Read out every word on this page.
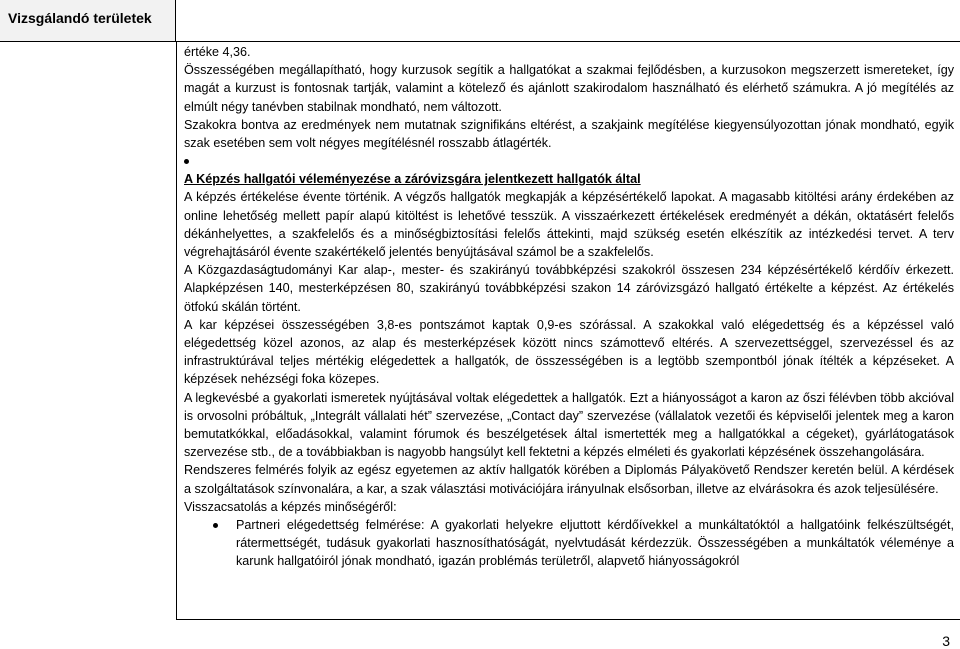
Vizsgálandó területek

értéke 4,36.

Összességében megállapítható, hogy kurzusok segítik a hallgatókat a szakmai fejlődésben, a kurzusokon megszerzett ismereteket, így magát a kurzust is fontosnak tartják, valamint a kötelező és ajánlott szakirodalom használható és elérhető számukra. A jó megítélés az elmúlt négy tanévben stabilnak mondható, nem változott.

Szakokra bontva az eredmények nem mutatnak szignifikáns eltérést, a szakjaink megítélése kiegyensúlyozottan jónak mondható, egyik szak esetében sem volt négyes megítélésnél rosszabb átlagérték.

A Képzés hallgatói véleményezése a záróvizsgára jelentkezett hallgatók által

A képzés értékelése évente történik. A végzős hallgatók megkapják a képzésértékelő lapokat. A magasabb kitöltési arány érdekében az online lehetőség mellett papír alapú kitöltést is lehetővé tesszük. A visszaérkezett értékelések eredményét a dékán, oktatásért felelős dékánhelyettes, a szakfelelős és a minőségbiztosítási felelős áttekinti, majd szükség esetén elkészítik az intézkedési tervet. A terv végrehajtásáról évente szakértékelő jelentés benyújtásával számol be a szakfelelős.

A Közgazdaságtudományi Kar alap-, mester- és szakirányú továbbképzési szakokról összesen 234 képzésértékelő kérdőív érkezett. Alapképzésen 140, mesterképzésen 80, szakirányú továbbképzési szakon 14 záróvizsgázó hallgató értékelte a képzést. Az értékelés ötfokú skálán történt.

A kar képzései összességében 3,8-es pontszámot kaptak 0,9-es szórással. A szakokkal való elégedettség és a képzéssel való elégedettség közel azonos, az alap és mesterképzések között nincs számottevő eltérés. A szervezettséggel, szervezéssel és az infrastruktúrával teljes mértékig elégedettek a hallgatók, de összességében is a legtöbb szempontból jónak ítélték a képzéseket. A képzések nehézségi foka közepes.

A legkevésbé a gyakorlati ismeretek nyújtásával voltak elégedettek a hallgatók. Ezt a hiányosságot a karon az őszi félévben több akcióval is orvosolni próbáltuk, „Integrált vállalati hét” szervezése, „Contact day” szervezése (vállalatok vezetői és képviselői jelentek meg a karon bemutatkókkal, előadásokkal, valamint fórumok és beszélgetések által ismertették meg a hallgatókkal a cégeket), gyárlátogatások szervezése stb., de a továbbiakban is nagyobb hangsúlyt kell fektetni a képzés elméleti és gyakorlati képzésének összehangolására.

Rendszeres felmérés folyik az egész egyetemen az aktív hallgatók körében a Diplomás Pályakövető Rendszer keretén belül. A kérdések a szolgáltatások színvonalára, a kar, a szak választási motivációjára irányulnak elsősorban, illetve az elvárásokra és azok teljesülésére.

Visszacsatolás a képzés minőségéről:

Partneri elégedettség felmérése: A gyakorlati helyekre eljuttott kérdőívekkel a munkáltatóktól a hallgatóink felkészültségét, rátermettségét, tudásuk gyakorlati hasznosíthatóságát, nyelvtudását kérdezzük. Összességében a munkáltatók véleménye a karunk hallgatóiról jónak mondható, igazán problémás területről, alapvető hiányosságokról
3
